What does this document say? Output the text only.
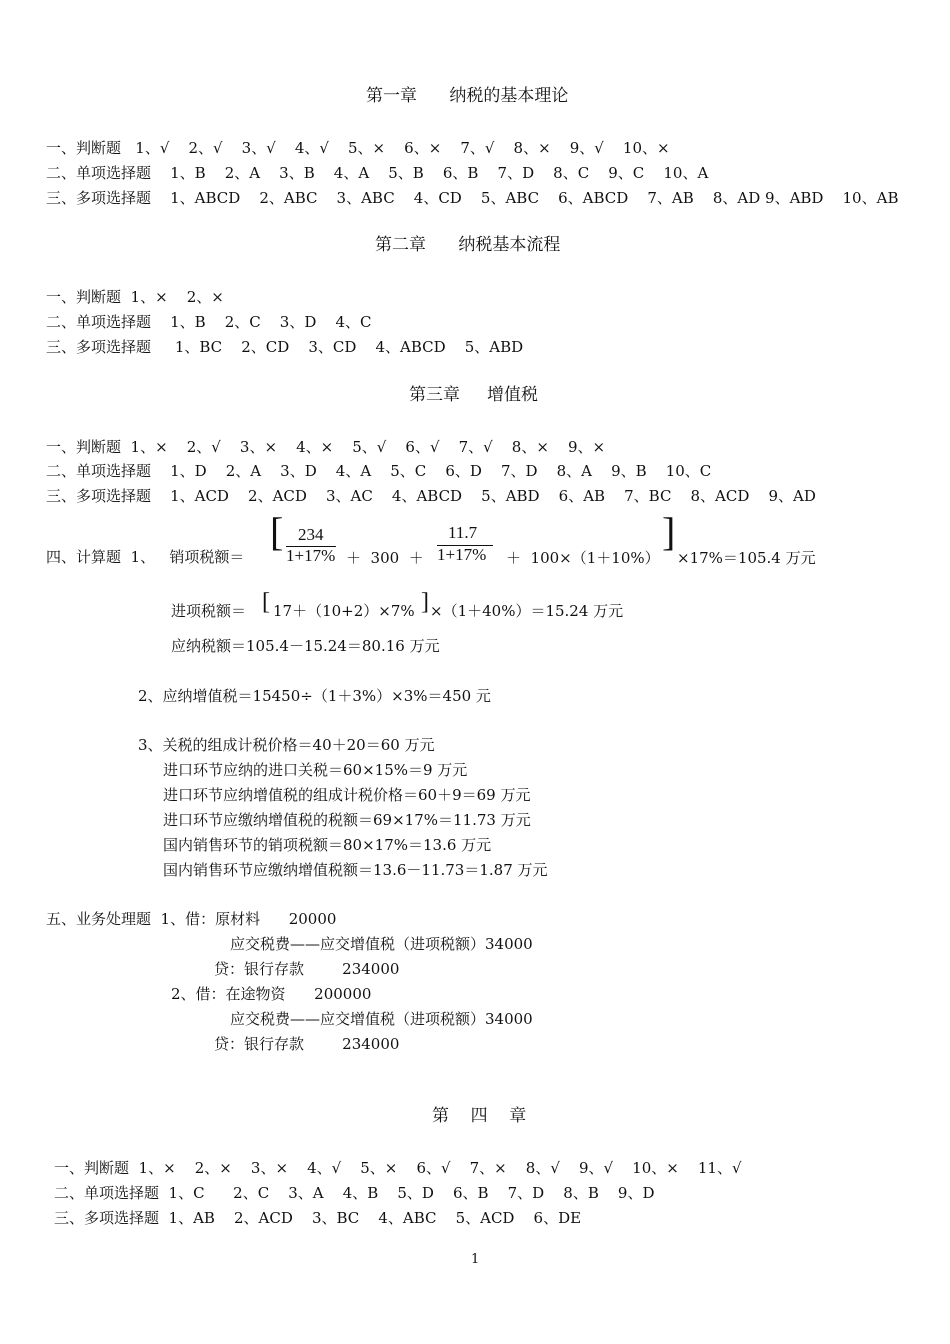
第一章      纳税的基本理论
一、判断题   1、√    2、√    3、√    4、√    5、×    6、×    7、√    8、×    9、√    10、×
二、单项选择题    1、B    2、A    3、B    4、A    5、B    6、B    7、D    8、C    9、C    10、A
三、多项选择题    1、ABCD    2、ABC    3、ABC    4、CD    5、ABC    6、ABCD    7、AB    8、AD 9、ABD    10、AB
第二章      纳税基本流程
一、判断题  1、×    2、×
二、单项选择题    1、B    2、C    3、D    4、C
三、多项选择题     1、BC    2、CD    3、CD    4、ABCD    5、ABD
第三章     增值税
一、判断题  1、×    2、√    3、×    4、×    5、√    6、√    7、√    8、×    9、×
二、单项选择题    1、D    2、A    3、D    4、A    5、C    6、D    7、D    8、A    9、B    10、C
三、多项选择题    1、ACD    2、ACD    3、AC    4、ABCD    5、ABD    6、AB    7、BC    8、ACD    9、AD
四、计算题  1、   销项税额＝
[ 234
1+17% ＋  300  ＋
11.7
1+17% ＋  100×（1＋10%）
]
×17%＝105.4 万元
进项税额＝ [ 17＋（10+2）×7% ] ×（1＋40%）＝15.24 万元
应纳税额＝105.4－15.24＝80.16 万元
2、应纳增值税＝15450÷（1＋3%）×3%＝450 元
3、关税的组成计税价格＝40＋20＝60 万元
进口环节应纳的进口关税＝60×15%＝9 万元
进口环节应纳增值税的组成计税价格＝60＋9＝69 万元
进口环节应缴纳增值税的税额＝69×17%＝11.73 万元
国内销售环节的销项税额＝80×17%＝13.6 万元
国内销售环节应缴纳增值税额＝13.6－11.73＝1.87 万元
五、业务处理题  1、借：原材料      20000
应交税费——应交增值税（进项税额）34000
贷：银行存款        234000
2、借：在途物资      200000
应交税费——应交增值税（进项税额）34000
贷：银行存款        234000
第    四    章
一、判断题  1、×    2、×    3、×    4、√    5、×    6、√    7、×    8、√    9、√    10、×    11、√
二、单项选择题  1、C      2、C    3、A    4、B    5、D    6、B    7、D    8、B    9、D
三、多项选择题  1、AB    2、ACD    3、BC    4、ABC    5、ACD    6、DE
1
